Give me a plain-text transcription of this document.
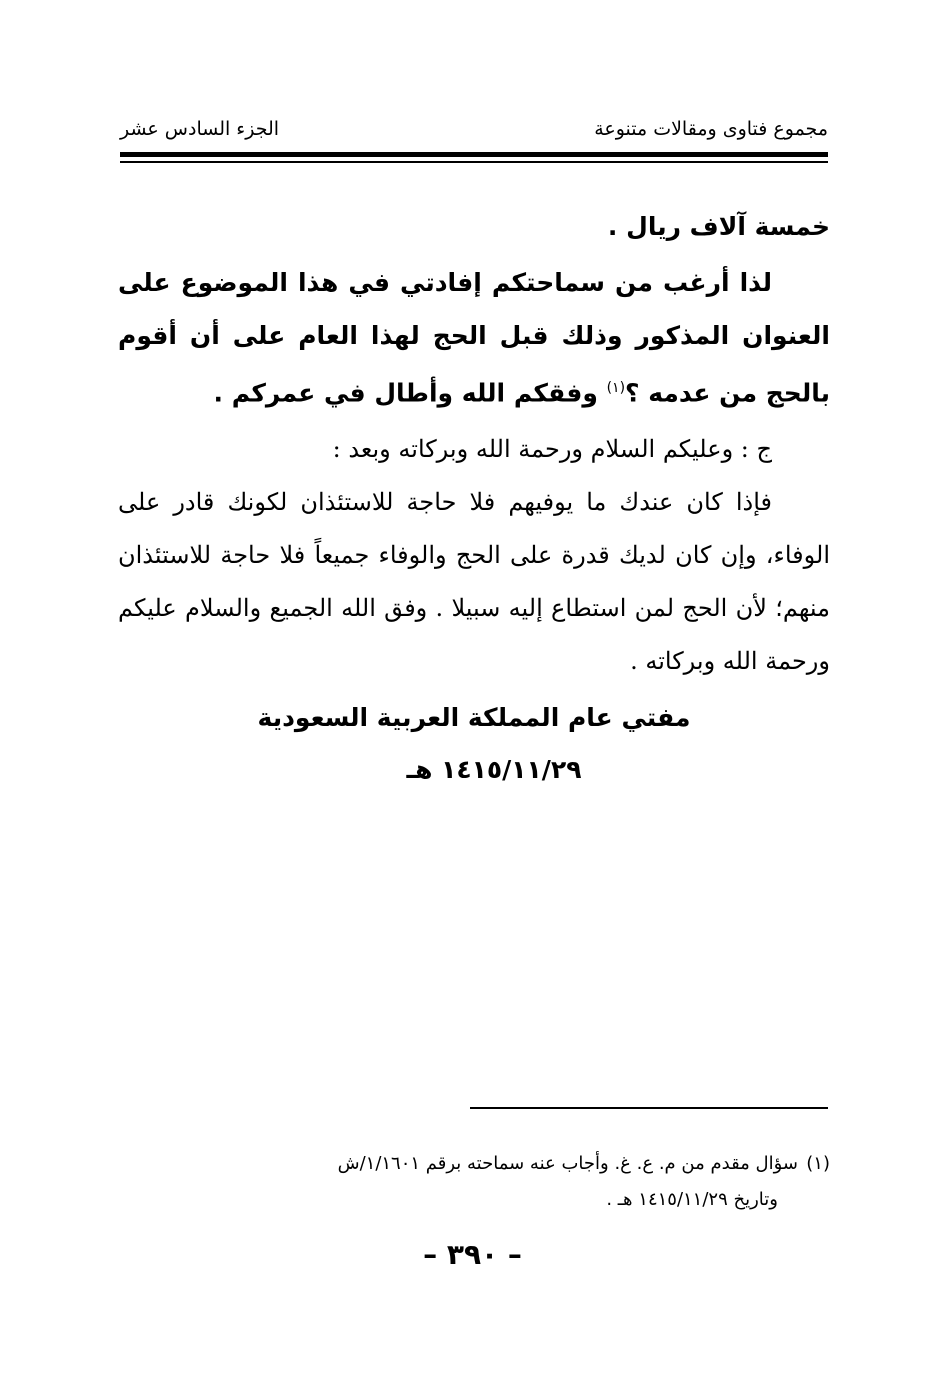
مجموع فتاوى ومقالات متنوعة
الجزء السادس عشر

خمسة آلاف ريال .

لذا أرغب من سماحتكم إفادتي في هذا الموضوع على العنوان المذكور وذلك قبل الحج لهذا العام على أن أقوم بالحج من عدمه ؟$^{(١)}$ وفقكم الله وأطال في عمركم .

ج : وعليكم السلام ورحمة الله وبركاته وبعد :

فإذا كان عندك ما يوفيهم فلا حاجة للاستئذان لكونك قادر على الوفاء، وإن كان لديك قدرة على الحج والوفاء جميعاً فلا حاجة للاستئذان منهم؛ لأن الحج لمن استطاع إليه سبيلا . وفق الله الجميع والسلام عليكم ورحمة الله وبركاته .

مفتي عام المملكة العربية السعودية
١٤١٥/١١/٢٩ هـ
(١)سؤال مقدم من م. ع. غ. وأجاب عنه سماحته برقم ١/١٦٠١/ش
وتاريخ ١٤١٥/١١/٢٩ هـ .
– ٣٩٠ –
